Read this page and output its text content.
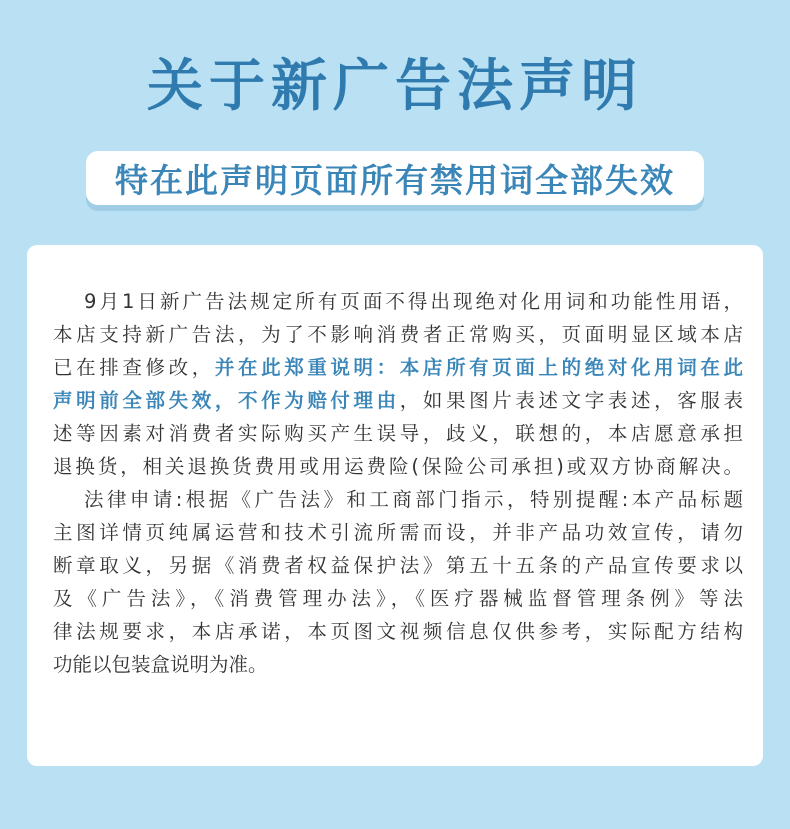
关于新广告法声明
特在此声明页面所有禁用词全部失效

9月1日新广告法规定所有页面不得出现绝对化用词和功能性用语，
本店支持新广告法，为了不影响消费者正常购买，页面明显区域本店
已在排查修改，并在此郑重说明：本店所有页面上的绝对化用词在此
声明前全部失效，不作为赔付理由，如果图片表述文字表述，客服表
述等因素对消费者实际购买产生误导，歧义，联想的，本店愿意承担
退换货，相关退换货费用或用运费险(保险公司承担)或双方协商解决。

法律申请:根据《广告法》和工商部门指示，特别提醒:本产品标题
主图详情页纯属运营和技术引流所需而设，并非产品功效宣传，请勿
断章取义，另据《消费者权益保护法》第五十五条的产品宣传要求以
及《广告法》，《消费管理办法》，《医疗器械监督管理条例》等法
律法规要求，本店承诺，本页图文视频信息仅供参考，实际配方结构
功能以包装盒说明为准。
